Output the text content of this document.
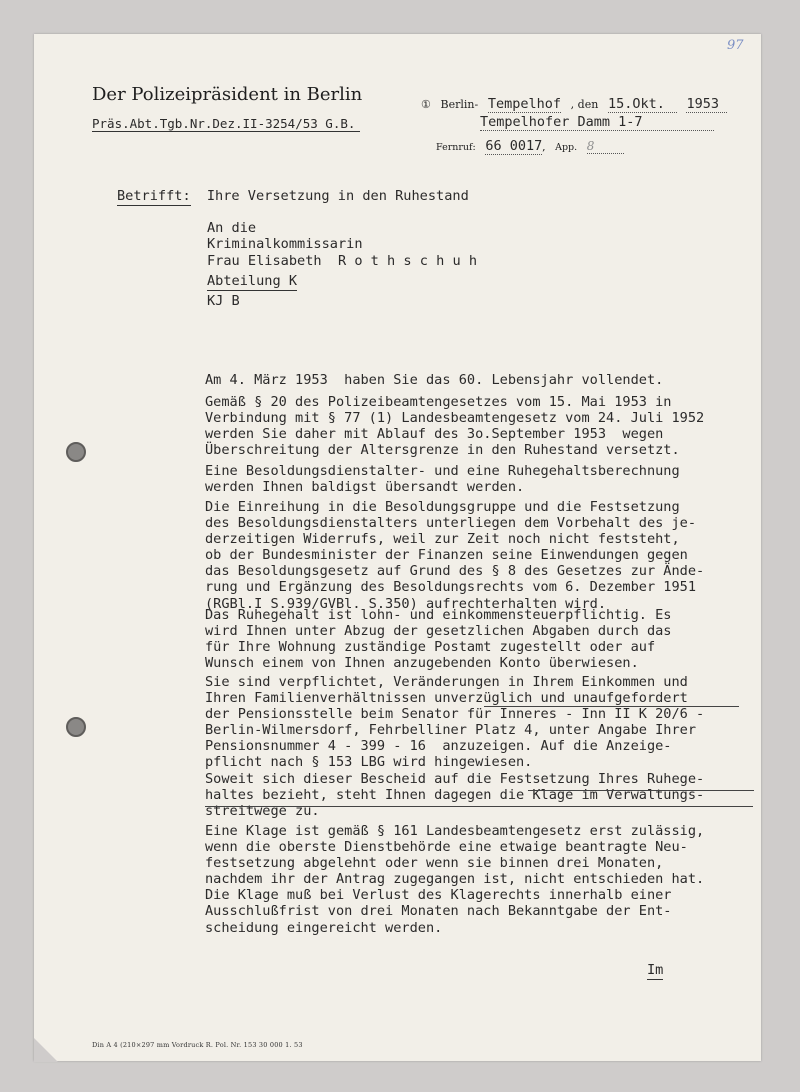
97
Der Polizeipräsident in Berlin
Präs.Abt.Tgb.Nr.Dez.II-3254/53 G.B.
① Berlin- Tempelhof , den 15.Okt. 1953
Tempelhofer Damm 1-7
Fernruf: 66 0017, App. 8
Betrifft: Ihre Versetzung in den Ruhestand
An die
Kriminalkommissarin
Frau Elisabeth  R o t h s c h u h
Abteilung K
KJ B
Am 4. März 1953  haben Sie das 60. Lebensjahr vollendet.
Gemäß § 20 des Polizeibeamtengesetzes vom 15. Mai 1953 in
Verbindung mit § 77 (1) Landesbeamtengesetz vom 24. Juli 1952
werden Sie daher mit Ablauf des 3o.September 1953  wegen
Überschreitung der Altersgrenze in den Ruhestand versetzt.
Eine Besoldungsdienstalter- und eine Ruhegehaltsberechnung
werden Ihnen baldigst übersandt werden.
Die Einreihung in die Besoldungsgruppe und die Festsetzung
des Besoldungsdienstalters unterliegen dem Vorbehalt des je-
derzeitigen Widerrufs, weil zur Zeit noch nicht feststeht,
ob der Bundesminister der Finanzen seine Einwendungen gegen
das Besoldungsgesetz auf Grund des § 8 des Gesetzes zur Ände-
rung und Ergänzung des Besoldungsrechts vom 6. Dezember 1951
(RGBl.I S.939/GVBl. S.350) aufrechterhalten wird.
Das Ruhegehalt ist lohn- und einkommensteuerpflichtig. Es
wird Ihnen unter Abzug der gesetzlichen Abgaben durch das
für Ihre Wohnung zuständige Postamt zugestellt oder auf
Wunsch einem von Ihnen anzugebenden Konto überwiesen.
Sie sind verpflichtet, Veränderungen in Ihrem Einkommen und
Ihren Familienverhältnissen unverzüglich und unaufgefordert
der Pensionsstelle beim Senator für Inneres - Inn II K 20/6 -
Berlin-Wilmersdorf, Fehrbelliner Platz 4, unter Angabe Ihrer
Pensionsnummer 4 - 399 - 16  anzuzeigen. Auf die Anzeige-
pflicht nach § 153 LBG wird hingewiesen.
Soweit sich dieser Bescheid auf die Festsetzung Ihres Ruhege-
haltes bezieht, steht Ihnen dagegen die Klage im Verwaltungs-
streitwege zu.
Eine Klage ist gemäß § 161 Landesbeamtengesetz erst zulässig,
wenn die oberste Dienstbehörde eine etwaige beantragte Neu-
festsetzung abgelehnt oder wenn sie binnen drei Monaten,
nachdem ihr der Antrag zugegangen ist, nicht entschieden hat.
Die Klage muß bei Verlust des Klagerechts innerhalb einer
Ausschlußfrist von drei Monaten nach Bekanntgabe der Ent-
scheidung eingereicht werden.
Im
Din A 4 (210×297 mm Vordruck R. Pol. Nr. 153 30 000 1. 53
